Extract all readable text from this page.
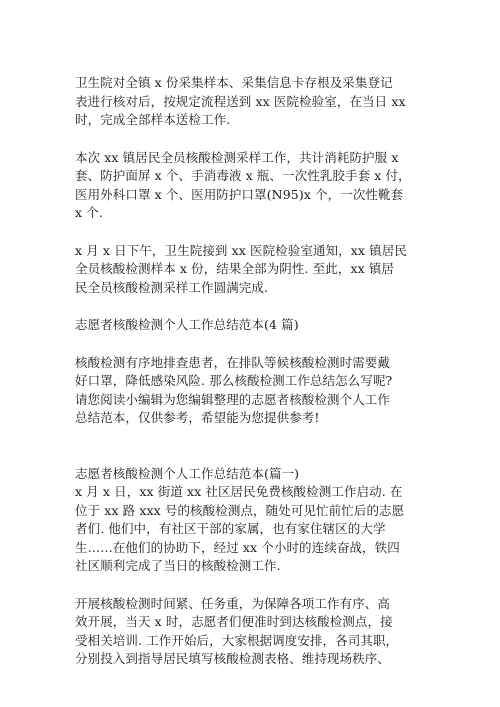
卫生院对全镇 x 份采集样本、采集信息卡存根及采集登记
表进行核对后，按规定流程送到 xx 医院检验室，在当日 xx
时，完成全部样本送检工作.

本次 xx 镇居民全员核酸检测采样工作，共计消耗防护服 x
套、防护面屏 x 个、手消毒液 x 瓶、一次性乳胶手套 x 付，
医用外科口罩 x 个、医用防护口罩(N95)x 个，一次性靴套
x 个.

x 月 x 日下午，卫生院接到 xx 医院检验室通知，xx 镇居民
全员核酸检测样本 x 份，结果全部为阴性. 至此，xx 镇居
民全员核酸检测采样工作圆满完成.

志愿者核酸检测个人工作总结范本(4 篇)

核酸检测有序地排查患者，在排队等候核酸检测时需要戴
好口罩，降低感染风险. 那么核酸检测工作总结怎么写呢?
请您阅读小编辑为您编辑整理的志愿者核酸检测个人工作
总结范本，仅供参考，希望能为您提供参考!

志愿者核酸检测个人工作总结范本(篇一)
x 月 x 日，xx 街道 xx 社区居民免费核酸检测工作启动. 在
位于 xx 路 xxx 号的核酸检测点，随处可见忙前忙后的志愿
者们. 他们中，有社区干部的家属，也有家住辖区的大学
生……在他们的协助下，经过 xx 个小时的连续奋战，铁四
社区顺利完成了当日的核酸检测工作.

开展核酸检测时间紧、任务重，为保障各项工作有序、高
效开展，当天 x 时，志愿者们便准时到达核酸检测点，接
受相关培训. 工作开始后，大家根据调度安排，各司其职，
分别投入到指导居民填写核酸检测表格、维持现场秩序、
